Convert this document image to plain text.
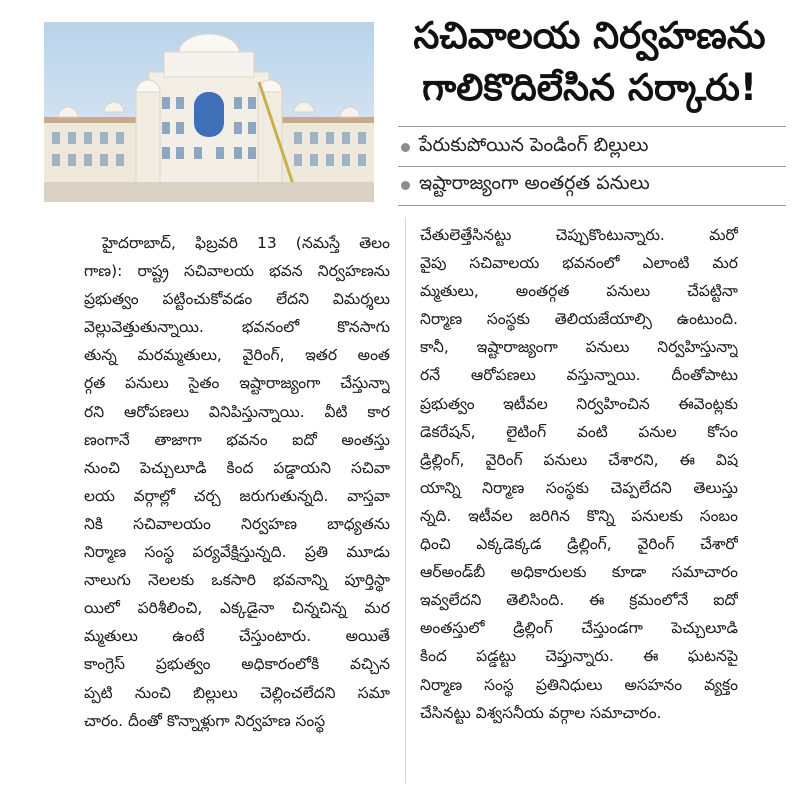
సచివాలయ నిర్వహణను
గాలికొదిలేసిన సర్కారు!
పేరుకుపోయిన పెండింగ్ బిల్లులు
ఇష్టారాజ్యంగా అంతర్గత పనులు
హైదరాబాద్, ఫిబ్రవరి 13 (నమస్తే తెలం
గాణ): రాష్ట్ర సచివాలయ భవన నిర్వహణను
ప్రభుత్వం పట్టించుకోవడం లేదని విమర్శలు
వెల్లువెత్తుతున్నాయి. భవనంలో కొనసాగు
తున్న మరమ్మతులు, వైరింగ్, ఇతర అంత
ర్గత పనులు సైతం ఇష్టారాజ్యంగా చేస్తున్నా
రని ఆరోపణలు వినిపిస్తున్నాయి. వీటి కార
ణంగానే తాజాగా భవనం ఐదో అంతస్తు
నుంచి పెచ్చులూడి కింద పడ్డాయని సచివా
లయ వర్గాల్లో చర్చ జరుగుతున్నది. వాస్తవా
నికి సచివాలయం నిర్వహణ బాధ్యతను
నిర్మాణ సంస్థ పర్యవేక్షిస్తున్నది. ప్రతి మూడు
నాలుగు నెలలకు ఒకసారి భవనాన్ని పూర్తిస్థా
యిలో పరిశీలించి, ఎక్కడైనా చిన్నచిన్న మర
మ్మతులు ఉంటే చేస్తుంటారు. అయితే
కాంగ్రెస్ ప్రభుత్వం అధికారంలోకి వచ్చిన
ప్పటి నుంచి బిల్లులు చెల్లించలేదని సమా
చారం. దీంతో కొన్నాళ్లుగా నిర్వహణ సంస్థ
చేతులెత్తేసినట్టు చెప్పుకొంటున్నారు. మరో
వైపు సచివాలయ భవనంలో ఎలాంటి మర
మ్మతులు, అంతర్గత పనులు చేపట్టినా
నిర్మాణ సంస్థకు తెలియజేయాల్సి ఉంటుంది.
కానీ, ఇష్టారాజ్యంగా పనులు నిర్వహిస్తున్నా
రనే ఆరోపణలు వస్తున్నాయి. దీంతోపాటు
ప్రభుత్వం ఇటీవల నిర్వహించిన ఈవెంట్లకు
డెకరేషన్, లైటింగ్ వంటి పనుల కోసం
డ్రిల్లింగ్, వైరింగ్ పనులు చేశారని, ఈ విష
యాన్ని నిర్మాణ సంస్థకు చెప్పలేదని తెలుస్తు
న్నది. ఇటీవల జరిగిన కొన్ని పనులకు సంబం
ధించి ఎక్కడెక్కడ డ్రిల్లింగ్, వైరింగ్ చేశారో
ఆర్‌అండ్‌బీ అధికారులకు కూడా సమాచారం
ఇవ్వలేదని తెలిసింది. ఈ క్రమంలోనే ఐదో
అంతస్తులో డ్రిల్లింగ్ చేస్తుండగా పెచ్చులూడి
కింద పడ్డట్టు చెప్తున్నారు. ఈ ఘటనపై
నిర్మాణ సంస్థ ప్రతినిధులు అసహనం వ్యక్తం
చేసినట్టు విశ్వసనీయ వర్గాల సమాచారం.
